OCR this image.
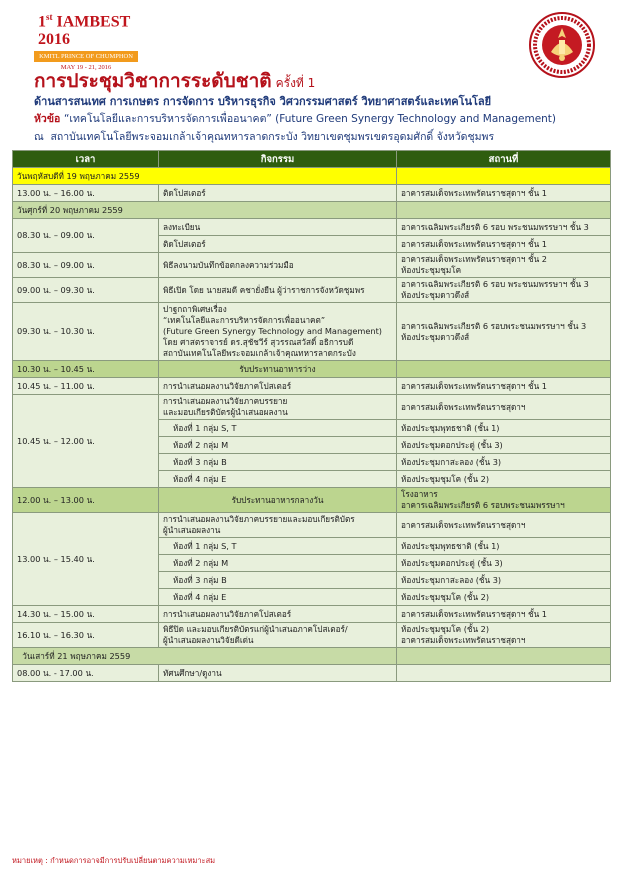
1st IAMBEST 2016
KMITL PRINCE OF CHUMPHON
MAY 19 - 21, 2016
การประชุมวิชาการระดับชาติ ครั้งที่ 1
ด้านสารสนเทศ การเกษตร การจัดการ บริหารธุรกิจ วิศวกรรมศาสตร์ วิทยาศาสตร์และเทคโนโลยี
หัวข้อ “เทคโนโลยีและการบริหารจัดการเพื่ออนาคต” (Future Green Synergy Technology and Management)
ณ สถาบันเทคโนโลยีพระจอมเกล้าเจ้าคุณทหารลาดกระบัง วิทยาเขตชุมพรเขตรอุดมศักดิ์ จังหวัดชุมพร
เวลา	กิจกรรม	สถานที่
วันพฤหัสบดีที่ 19 พฤษภาคม 2559		
13.00 น. – 16.00 น.	ติดโปสเตอร์	อาคารสมเด็จพระเทพรัตนราชสุดาฯ ชั้น 1
วันศุกร์ที่ 20 พฤษภาคม 2559		
08.30 น. – 09.00 น.	ลงทะเบียน	อาคารเฉลิมพระเกียรติ 6 รอบ พระชนมพรรษาฯ ชั้น 3
	ติดโปสเตอร์	อาคารสมเด็จพระเทพรัตนราชสุดาฯ ชั้น 1
08.30 น. – 09.00 น.	พิธีลงนามบันทึกข้อตกลงความร่วมมือ	อาคารสมเด็จพระเทพรัตนราชสุดาฯ ชั้น 2
ห้องประชุมชุมโค

09.00 น. – 09.30 น.	พิธีเปิด โดย นายสมดี คชายั่งยืน ผู้ว่าราชการจังหวัดชุมพร	อาคารเฉลิมพระเกียรติ 6 รอบ พระชนมพรรษาฯ ชั้น 3
ห้องประชุมดาวดึงส์

09.30 น. – 10.30 น.	ปาฐกถาพิเศษเรื่อง
“เทคโนโลยีและการบริหารจัดการเพื่ออนาคต”
(Future Green Synergy Technology and Management)
โดย ศาสตราจารย์ ดร.สุชัชวีร์ สุวรรณสวัสดิ์ อธิการบดี
สถาบันเทคโนโลยีพระจอมเกล้าเจ้าคุณทหารลาดกระบัง	อาคารเฉลิมพระเกียรติ 6 รอบพระชนมพรรษาฯ ชั้น 3
ห้องประชุมดาวดึงส์

10.30 น. – 10.45 น.	รับประทานอาหารว่าง	
10.45 น. – 11.00 น.	การนำเสนอผลงานวิจัยภาคโปสเตอร์	อาคารสมเด็จพระเทพรัตนราชสุดาฯ ชั้น 1
10.45 น. – 12.00 น.	การนำเสนอผลงานวิจัยภาคบรรยาย
และมอบเกียรติบัตรผู้นำเสนอผลงาน	อาคารสมเด็จพระเทพรัตนราชสุดาฯ
	ห้องที่ 1 กลุ่ม S, T	ห้องประชุมพุทธชาติ (ชั้น 1)
	ห้องที่ 2 กลุ่ม M	ห้องประชุมดอกประดู่ (ชั้น 3)
	ห้องที่ 3 กลุ่ม B	ห้องประชุมกาสะลอง (ชั้น 3)
	ห้องที่ 4 กลุ่ม E	ห้องประชุมชุมโค (ชั้น 2)
12.00 น. – 13.00 น.	รับประทานอาหารกลางวัน	โรงอาหาร
อาคารเฉลิมพระเกียรติ 6 รอบพระชนมพรรษาฯ

13.00 น. – 15.40 น.	การนำเสนอผลงานวิจัยภาคบรรยายและมอบเกียรติบัตร
ผู้นำเสนอผลงาน	อาคารสมเด็จพระเทพรัตนราชสุดาฯ
	ห้องที่ 1 กลุ่ม S, T	ห้องประชุมพุทธชาติ (ชั้น 1)
	ห้องที่ 2 กลุ่ม M	ห้องประชุมดอกประดู่ (ชั้น 3)
	ห้องที่ 3 กลุ่ม B	ห้องประชุมกาสะลอง (ชั้น 3)
	ห้องที่ 4 กลุ่ม E	ห้องประชุมชุมโค (ชั้น 2)
14.30 น. – 15.00 น.	การนำเสนอผลงานวิจัยภาคโปสเตอร์	อาคารสมเด็จพระเทพรัตนราชสุดาฯ ชั้น 1
16.10 น. – 16.30 น.	พิธีปิด และมอบเกียรติบัตรแก่ผู้นำเสนอภาคโปสเตอร์/
ผู้นำเสนอผลงานวิจัยดีเด่น	ห้องประชุมชุมโค (ชั้น 2)
อาคารสมเด็จพระเทพรัตนราชสุดาฯ

วันเสาร์ที่ 21 พฤษภาคม 2559		
08.00 น. - 17.00 น.	ทัศนศึกษา/ดูงาน	
หมายเหตุ : กำหนดการอาจมีการปรับเปลี่ยนตามความเหมาะสม
